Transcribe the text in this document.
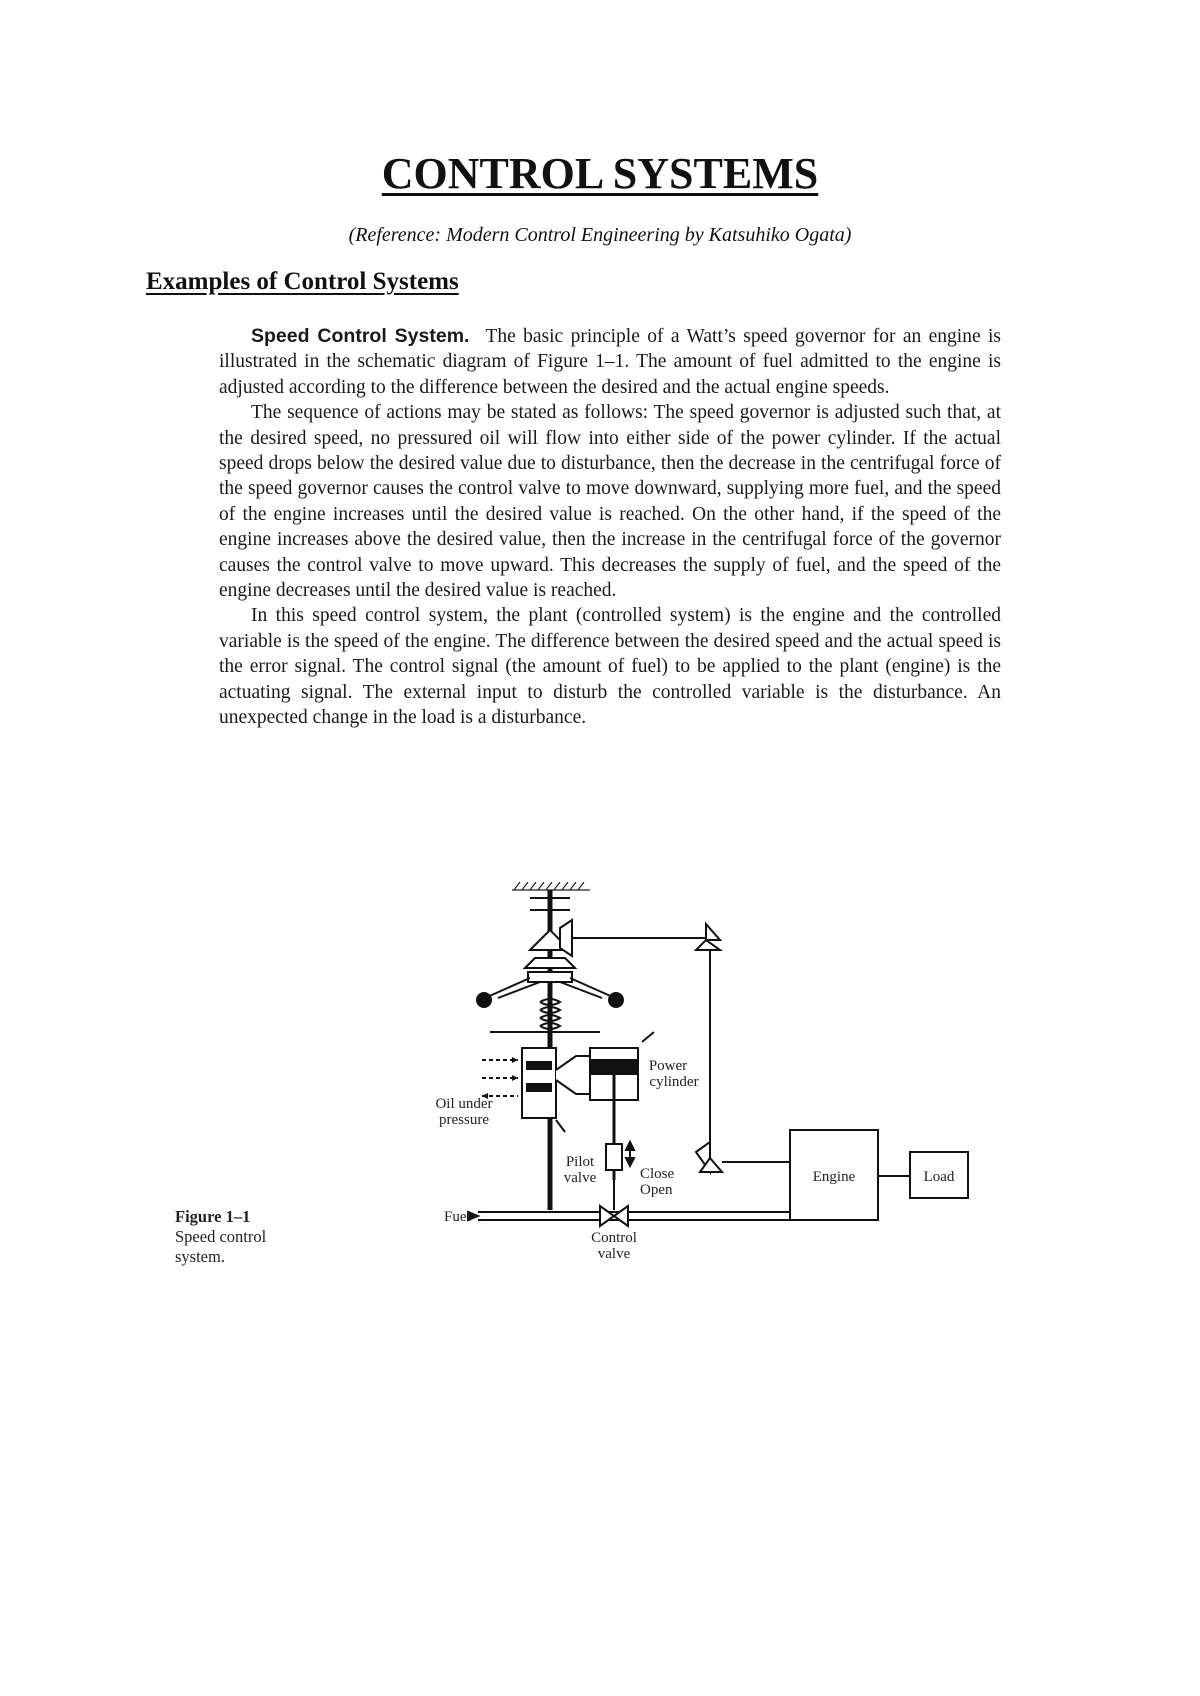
CONTROL SYSTEMS

(Reference: Modern Control Engineering by Katsuhiko Ogata)

Examples of Control Systems

Speed Control System. The basic principle of a Watt’s speed governor for an engine is illustrated in the schematic diagram of Figure 1–1. The amount of fuel admitted to the engine is adjusted according to the difference between the desired and the actual engine speeds.

The sequence of actions may be stated as follows: The speed governor is adjusted such that, at the desired speed, no pressured oil will flow into either side of the power cylinder. If the actual speed drops below the desired value due to disturbance, then the decrease in the centrifugal force of the speed governor causes the control valve to move downward, supplying more fuel, and the speed of the engine increases until the desired value is reached. On the other hand, if the speed of the engine increases above the desired value, then the increase in the centrifugal force of the governor causes the control valve to move upward. This decreases the supply of fuel, and the speed of the engine decreases until the desired value is reached.

In this speed control system, the plant (controlled system) is the engine and the controlled variable is the speed of the engine. The difference between the desired speed and the actual speed is the error signal. The control signal (the amount of fuel) to be applied to the plant (engine) is the actuating signal. The external input to disturb the controlled variable is the disturbance. An unexpected change in the load is a disturbance.

Figure 1–1
Speed control system.
Power
cylinder
Oil under
pressure
Pilot
valve	Close
Open
Fuel
Control
valve
Engine	Load
